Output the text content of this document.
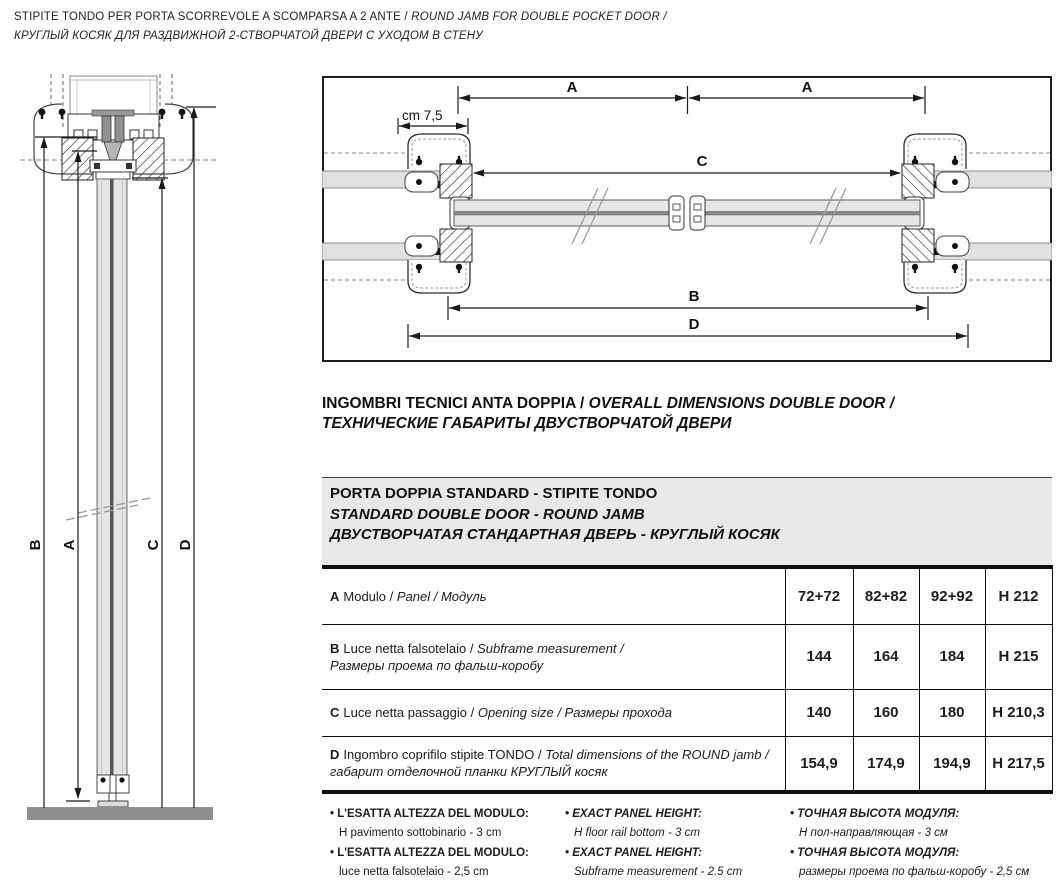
STIPITE TONDO PER PORTA SCORREVOLE A SCOMPARSA A 2 ANTE / ROUND JAMB FOR DOUBLE POCKET DOOR /
КРУГЛЫЙ КОСЯК ДЛЯ РАЗДВИЖНОЙ 2-СТВОРЧАТОЙ ДВЕРИ С УХОДОМ В СТЕНУ
B A	C D
A	A
cm 7,5
C
B
D
INGOMBRI TECNICI ANTA DOPPIA / OVERALL DIMENSIONS DOUBLE DOOR /
ТЕХНИЧЕСКИЕ ГАБАРИТЫ ДВУСТВОРЧАТОЙ ДВЕРИ
PORTA DOPPIA STANDARD - STIPITE TONDO
STANDARD DOUBLE DOOR - ROUND JAMB
ДВУСТВОРЧАТАЯ СТАНДАРТНАЯ ДВЕРЬ - КРУГЛЫЙ КОСЯК
A Modulo / Panel / Модуль	72+72	82+82	92+92	H 212
B Luce netta falsotelaio / Subframe measurement /
Размеры проема по фальш-коробу	144	164	184	H 215
C Luce netta passaggio / Opening size / Размеры прохода	140	160	180	H 210,3
D Ingombro coprifilo stipite TONDO / Total dimensions of the ROUND jamb /
габарит отделочной планки КРУГЛЫЙ косяк	154,9	174,9	194,9	H 217,5
• L'ESATTA ALTEZZA DEL MODULO:
H pavimento sottobinario - 3 cm
• L'ESATTA ALTEZZA DEL MODULO:
luce netta falsotelaio - 2,5 cm
• EXACT PANEL HEIGHT:
H floor rail bottom - 3 cm
• EXACT PANEL HEIGHT:
Subframe measurement - 2.5 cm
• ТОЧНАЯ ВЫСОТА МОДУЛЯ:
Н пол-направляющая - 3 см
• ТОЧНАЯ ВЫСОТА МОДУЛЯ:
размеры проема по фальш-коробу - 2,5 см
